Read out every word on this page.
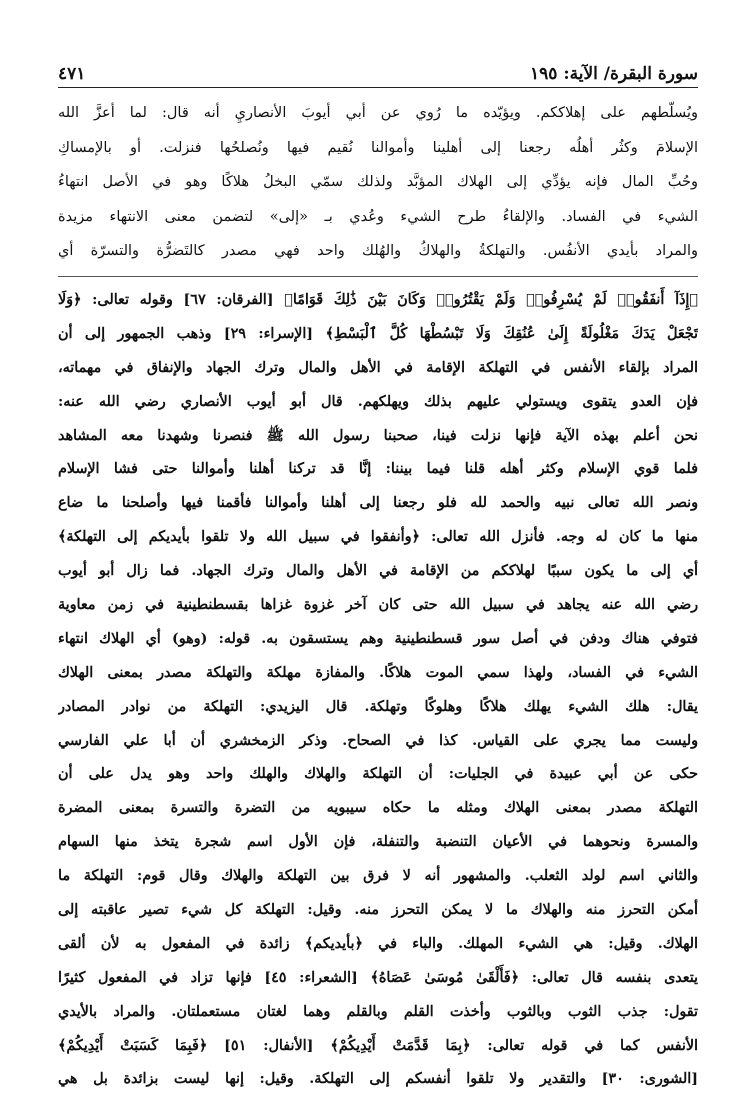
سورة البقرة/ الآية: ١٩٥
٤٧١
ويُسلّطهم على إهلاككم. ويؤيّده ما رُوي عن أبي أيوبَ الأنصاريِ أنه قال: لما أعزَّ الله
الإسلامَ وكثُر أهلُه رجعنا إلى أهلينا وأموالنا نُقيم فيها ونُصلحُها فنزلت. أو بالإمساكِ
وحُبِّ المال فإنه يؤدِّي إلى الهلاك المؤبَّد ولذلك سمّي البخلُ هلاكًا وهو في الأصل انتهاءُ
الشيء في الفساد. والإلقاءُ طرح الشيء وعُدي بـ «إلى» لتضمن معنى الانتهاء مزيدة
والمراد بأيدي الأنفُس. والتهلكةُ والهلاكُ والهُلك واحد فهي مصدر كالتَضرُّة والتسرّة أي
﴿إِذَآ أَنفَقُوا۟ لَمْ يُسْرِفُوا۟ وَلَمْ يَقْتُرُوا۟ وَكَانَ بَيْنَ ذَٰلِكَ قَوَامًا﴾ [الفرقان: ٦٧] وقوله تعالى: ﴿وَلَا
تَجْعَلْ يَدَكَ مَغْلُولَةً إِلَىٰ عُنُقِكَ وَلَا تَبْسُطْهَا كُلَّ ٱلْبَسْطِ﴾ [الإسراء: ٢٩] وذهب الجمهور إلى أن
المراد بإلقاء الأنفس في التهلكة الإقامة في الأهل والمال وترك الجهاد والإنفاق في مهماته،
فإن العدو يتقوى ويستولي عليهم بذلك ويهلكهم. قال أبو أيوب الأنصاري رضي الله عنه:
نحن أعلم بهذه الآية فإنها نزلت فينا، صحبنا رسول الله ﷺ فنصرنا وشهدنا معه المشاهد
فلما قوي الإسلام وكثر أهله قلنا فيما بيننا: إنَّا قد تركنا أهلنا وأموالنا حتى فشا الإسلام
ونصر الله تعالى نبيه والحمد لله فلو رجعنا إلى أهلنا وأموالنا فأقمنا فيها وأصلحنا ما ضاع
منها ما كان له وجه. فأنزل الله تعالى: ﴿وأنفقوا في سبيل الله ولا تلقوا بأيديكم إلى التهلكة﴾
أي إلى ما يكون سببًا لهلاككم من الإقامة في الأهل والمال وترك الجهاد. فما زال أبو أيوب
رضي الله عنه يجاهد في سبيل الله حتى كان آخر غزوة غزاها بقسطنطينية في زمن معاوية
فتوفي هناك ودفن في أصل سور قسطنطينية وهم يستسقون به. قوله: (وهو) أي الهلاك انتهاء
الشيء في الفساد، ولهذا سمي الموت هلاكًا. والمفازة مهلكة والتهلكة مصدر بمعنى الهلاك
يقال: هلك الشيء يهلك هلاكًا وهلوكًا وتهلكة. قال اليزيدي: التهلكة من نوادر المصادر
وليست مما يجري على القياس. كذا في الصحاح. وذكر الزمخشري أن أبا علي الفارسي
حكى عن أبي عبيدة في الجليات: أن التهلكة والهلاك والهلك واحد وهو يدل على أن
التهلكة مصدر بمعنى الهلاك ومثله ما حكاه سيبويه من التضرة والتسرة بمعنى المضرة
والمسرة ونحوهما في الأعيان التنضبة والتنفلة، فإن الأول اسم شجرة يتخذ منها السهام
والثاني اسم لولد الثعلب. والمشهور أنه لا فرق بين التهلكة والهلاك وقال قوم: التهلكة ما
أمكن التحرز منه والهلاك ما لا يمكن التحرز منه. وقيل: التهلكة كل شيء تصير عاقبته إلى
الهلاك. وقيل: هي الشيء المهلك. والباء في ﴿بأيديكم﴾ زائدة في المفعول به لأن ألقى
يتعدى بنفسه قال تعالى: ﴿فَأَلْقَىٰ مُوسَىٰ عَصَاهُ﴾ [الشعراء: ٤٥] فإنها تزاد في المفعول كثيرًا
تقول: جذب الثوب وبالثوب وأخذت القلم وبالقلم وهما لغتان مستعملتان. والمراد بالأيدي
الأنفس كما في قوله تعالى: ﴿بِمَا قَدَّمَتْ أَيْدِيكُمْ﴾ [الأنفال: ٥١] ﴿فَبِمَا كَسَبَتْ أَيْدِيكُمْ﴾
[الشورى: ٣٠] والتقدير ولا تلقوا أنفسكم إلى التهلكة. وقيل: إنها ليست بزائدة بل هي
